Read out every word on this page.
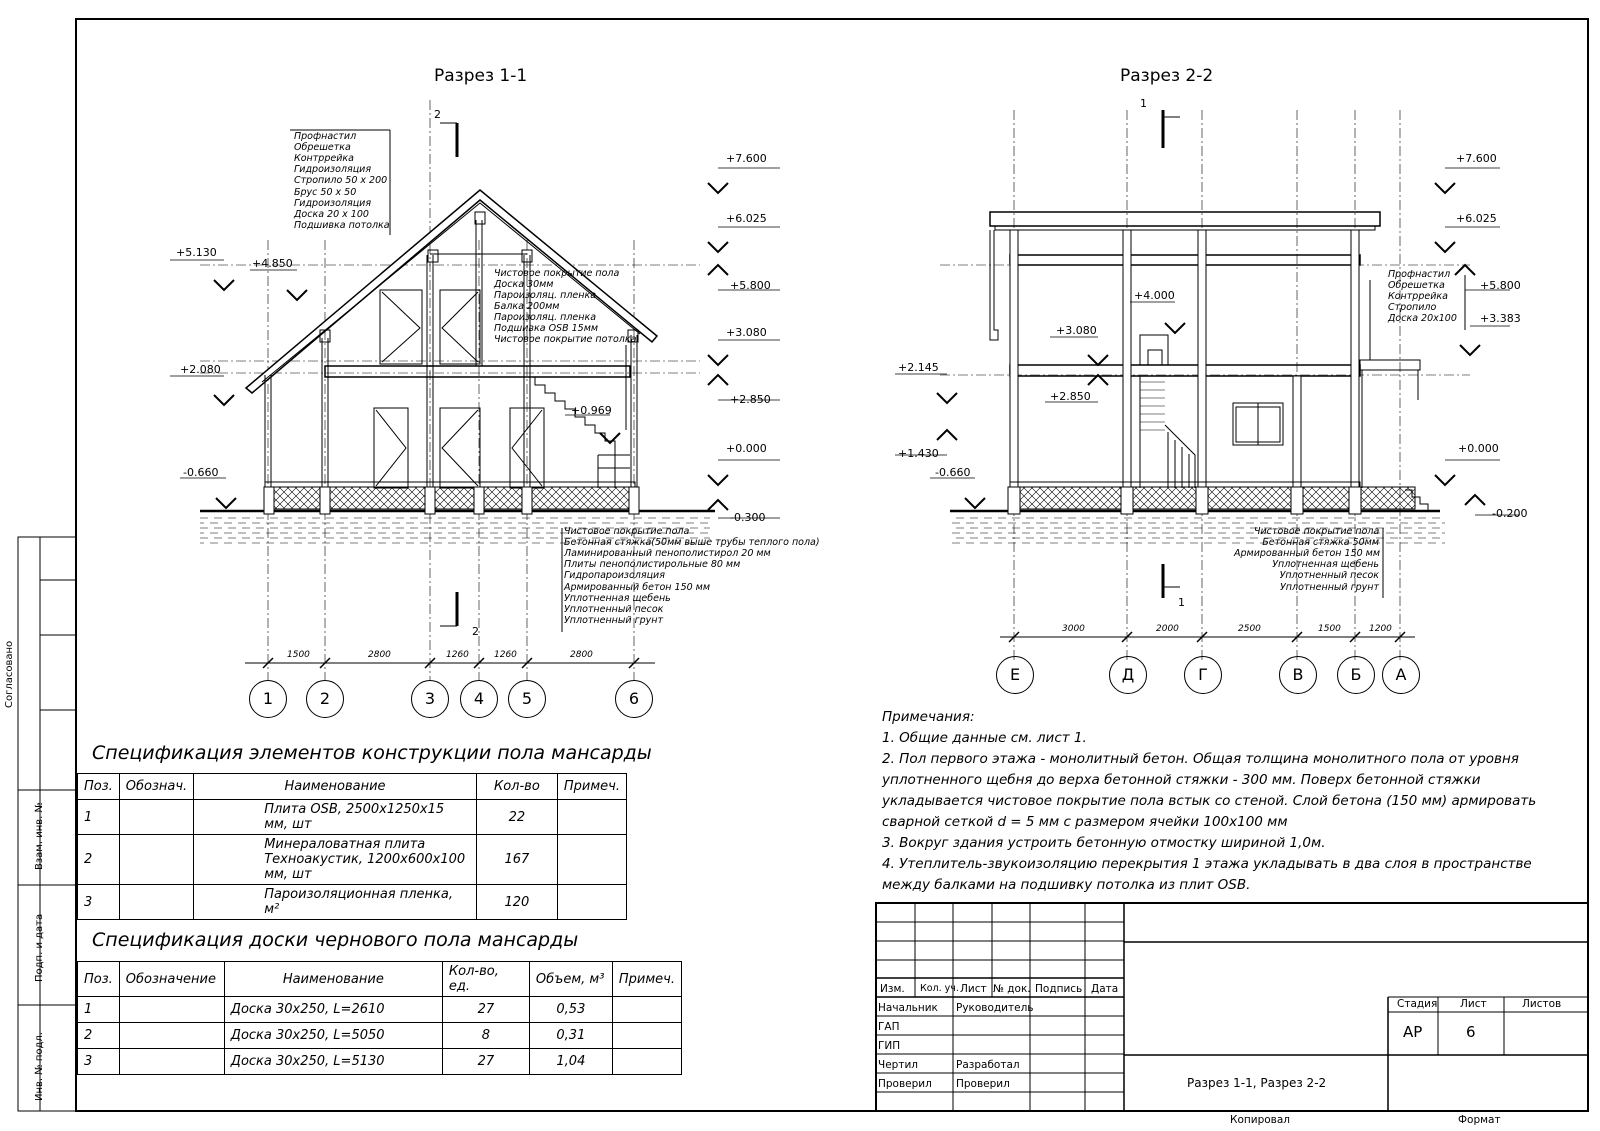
Разрез 1-1
2
2
+7.600
+6.025
+5.800
+3.080
+2.850
+0.000
-0.300
+5.130
+4.850
+2.080
-0.660
+0.969
Профнастил
Обрешетка
Контррейка
Гидроизоляция
Стропило 50 x 200
Брус 50 x 50
Гидроизоляция
Доска 20 x 100
Подшивка потолка
Чистовое покрытие пола
Доска 30мм
Пароизоляц. пленка
Балка 200мм
Пароизоляц. пленка
Подшивка OSB 15мм
Чистовое покрытие потолка
Чистовое покрытие пола
Бетонная стяжка(50мм выше трубы теплого пола)
Ламинированный пенополистирол 20 мм
Плиты пенополистирольные 80 мм
Гидропароизоляция
Армированный бетон 150 мм
Уплотненная щебень
Уплотненный песок
Уплотненный грунт
1500	2800	1260	1260	2800
1	2	3	4	5	6
Разрез 2-2
1
1
+7.600
+6.025
+5.800
+3.383
+4.000
+3.080
+2.850
+2.145
+1.430
-0.660
+0.000
-0.200
Профнастил
Обрешетка
Контррейка
Стропило
Доска 20x100
Чистовое покрытие пола
Бетонная стяжка 50мм
Армированный бетон 150 мм
Уплотненная щебень
Уплотненный песок
Уплотненный грунт
3000	2000	2500	1500	1200
Е	Д	Г	В	Б	А
Примечания:
1. Общие данные см. лист 1.
2. Пол первого этажа - монолитный бетон. Общая толщина монолитного пола от уровня
уплотненного щебня до верха бетонной стяжки - 300 мм. Поверх бетонной стяжки
укладывается чистовое покрытие пола встык со стеной. Слой бетона (150 мм) армировать
сварной сеткой d = 5 мм с размером ячейки 100x100 мм
3. Вокруг здания устроить бетонную отмостку шириной 1,0м.
4. Утеплитель-звукоизоляцию перекрытия 1 этажа укладывать в два слоя в пространстве
между балками на подшивку потолка из плит OSB.
Спецификация элементов конструкции пола мансарды
Поз.	Обознач.	Наименование	Кол-во	Примеч.
1		Плита OSB, 2500x1250x15 мм, шт	22	
2		Минераловатная плита Техноакустик, 1200x600x100 мм, шт	167	
3		Пароизоляционная пленка, м²	120	
Спецификация доски чернового пола мансарды
Поз.	Обозначение	Наименование	Кол-во, ед.	Объем, м³	Примеч.
1		Доска 30x250, L=2610	27	0,53	
2		Доска 30x250, L=5050	8	0,31	
3		Доска 30x250, L=5130	27	1,04	
Изм. Кол. уч. Лист № док. Подпись Дата
Начальник
ГАП
ГИП
Чертил
Проверил
Руководитель
Разработал
Проверил
Стадия Лист	Листов
АР	6
Разрез 1-1, Разрез 2-2
Копировал	Формат
Согласовано
Взам. инв. №
Подп. и дата
Инв. № подл.
